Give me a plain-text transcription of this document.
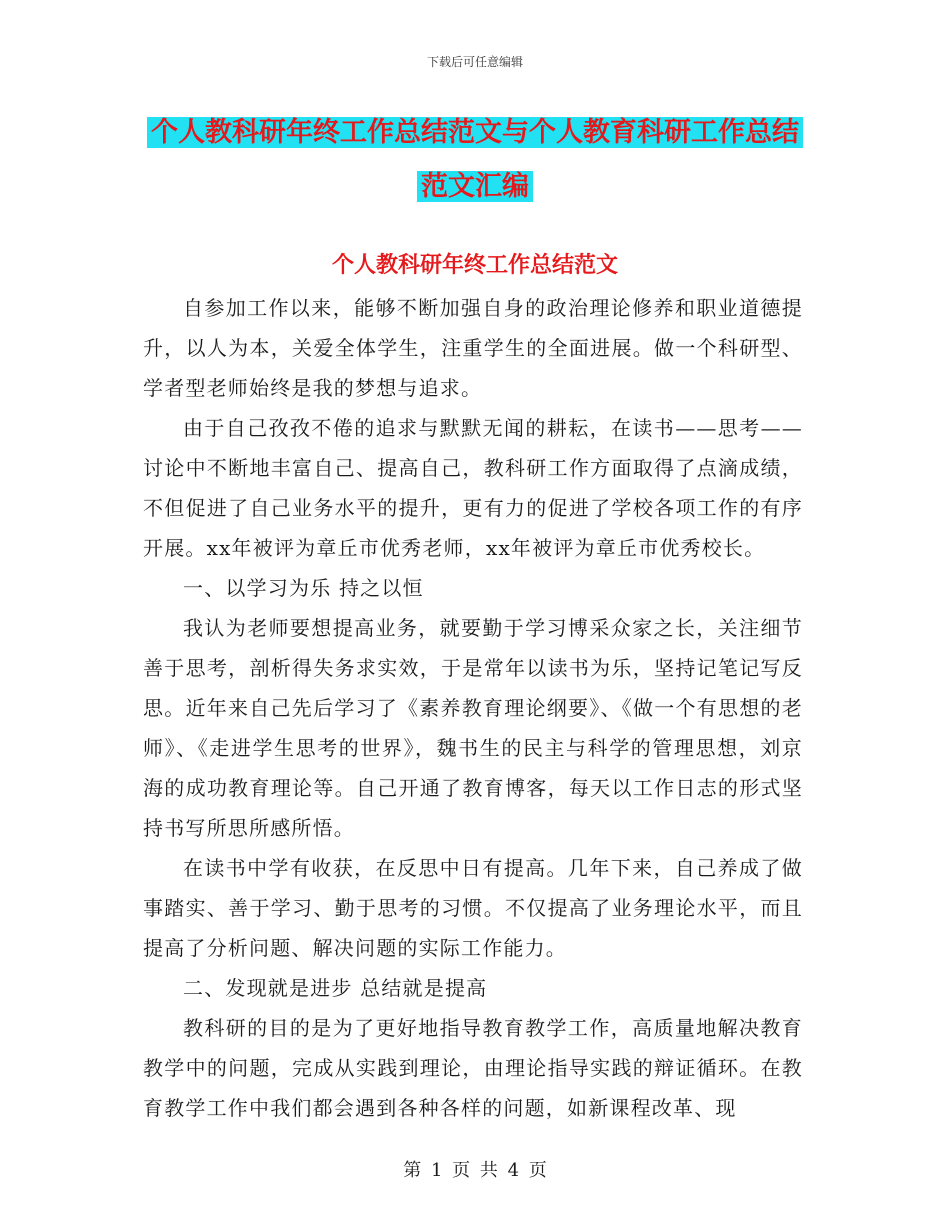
下载后可任意编辑
个人教科研年终工作总结范文与个人教育科研工作总结范文汇编
个人教科研年终工作总结范文

自参加工作以来，能够不断加强自身的政治理论修养和职业道德提升，以人为本，关爱全体学生，注重学生的全面进展。做一个科研型、学者型老师始终是我的梦想与追求。

由于自己孜孜不倦的追求与默默无闻的耕耘，在读书——思考——讨论中不断地丰富自己、提高自己，教科研工作方面取得了点滴成绩，不但促进了自己业务水平的提升，更有力的促进了学校各项工作的有序开展。xx年被评为章丘市优秀老师，xx年被评为章丘市优秀校长。

一、以学习为乐 持之以恒

我认为老师要想提高业务，就要勤于学习博采众家之长，关注细节善于思考，剖析得失务求实效，于是常年以读书为乐，坚持记笔记写反思。近年来自己先后学习了《素养教育理论纲要》、《做一个有思想的老师》、《走进学生思考的世界》，魏书生的民主与科学的管理思想，刘京海的成功教育理论等。自己开通了教育博客，每天以工作日志的形式坚持书写所思所感所悟。

在读书中学有收获，在反思中日有提高。几年下来，自己养成了做事踏实、善于学习、勤于思考的习惯。不仅提高了业务理论水平，而且提高了分析问题、解决问题的实际工作能力。

二、发现就是进步 总结就是提高

教科研的目的是为了更好地指导教育教学工作，高质量地解决教育教学中的问题，完成从实践到理论，由理论指导实践的辩证循环。在教育教学工作中我们都会遇到各种各样的问题，如新课程改革、现

第 1 页 共 4 页
